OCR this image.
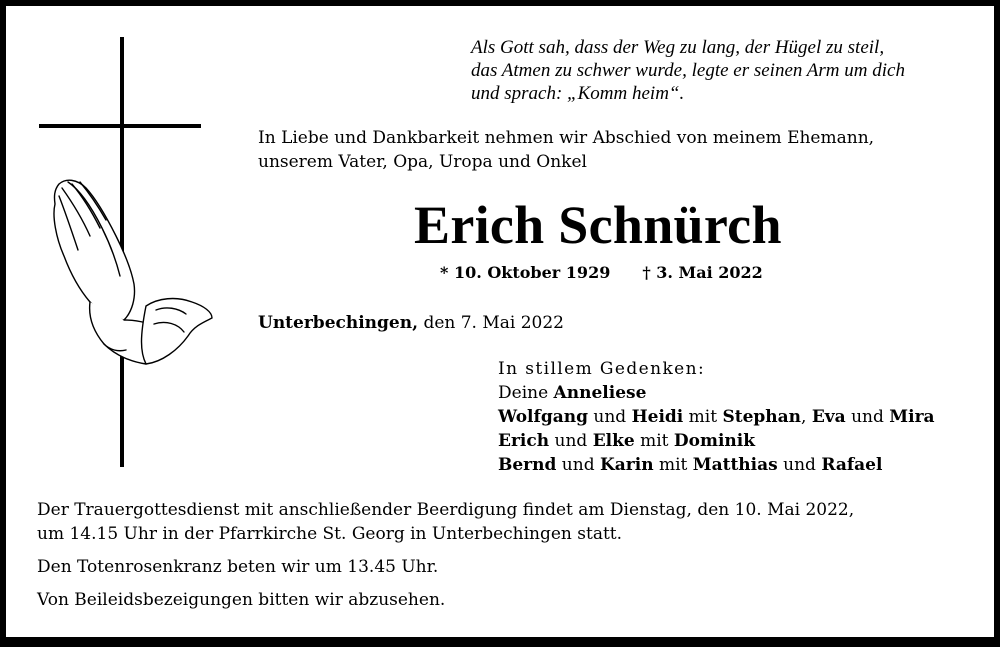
Als Gott sah, dass der Weg zu lang, der Hügel zu steil,
das Atmen zu schwer wurde, legte er seinen Arm um dich
und sprach: „Komm heim“.
In Liebe und Dankbarkeit nehmen wir Abschied von meinem Ehemann,
unserem Vater, Opa, Uropa und Onkel
Erich Schnürch
* 10. Oktober 1929 † 3. Mai 2022
Unterbechingen, den 7. Mai 2022
In stillem Gedenken:
Deine Anneliese
Wolfgang und Heidi mit Stephan, Eva und Mira
Erich und Elke mit Dominik
Bernd und Karin mit Matthias und Rafael
Der Trauergottesdienst mit anschließender Beerdigung findet am Dienstag, den 10. Mai 2022,
um 14.15 Uhr in der Pfarrkirche St. Georg in Unterbechingen statt.
Den Totenrosenkranz beten wir um 13.45 Uhr.
Von Beileidsbezeigungen bitten wir abzusehen.
